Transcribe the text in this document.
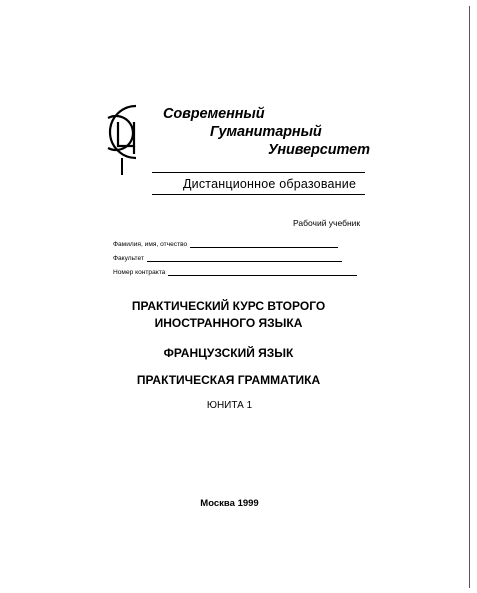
Современный
Гуманитарный
Университет
Дистанционное образование
Рабочий учебник
Фамилия, имя, отчество
Факультет
Номер контракта
ПРАКТИЧЕСКИЙ КУРС ВТОРОГО
ИНОСТРАННОГО ЯЗЫКА
ФРАНЦУЗСКИЙ ЯЗЫК
ПРАКТИЧЕСКАЯ ГРАММАТИКА
ЮНИТА 1
Москва 1999
